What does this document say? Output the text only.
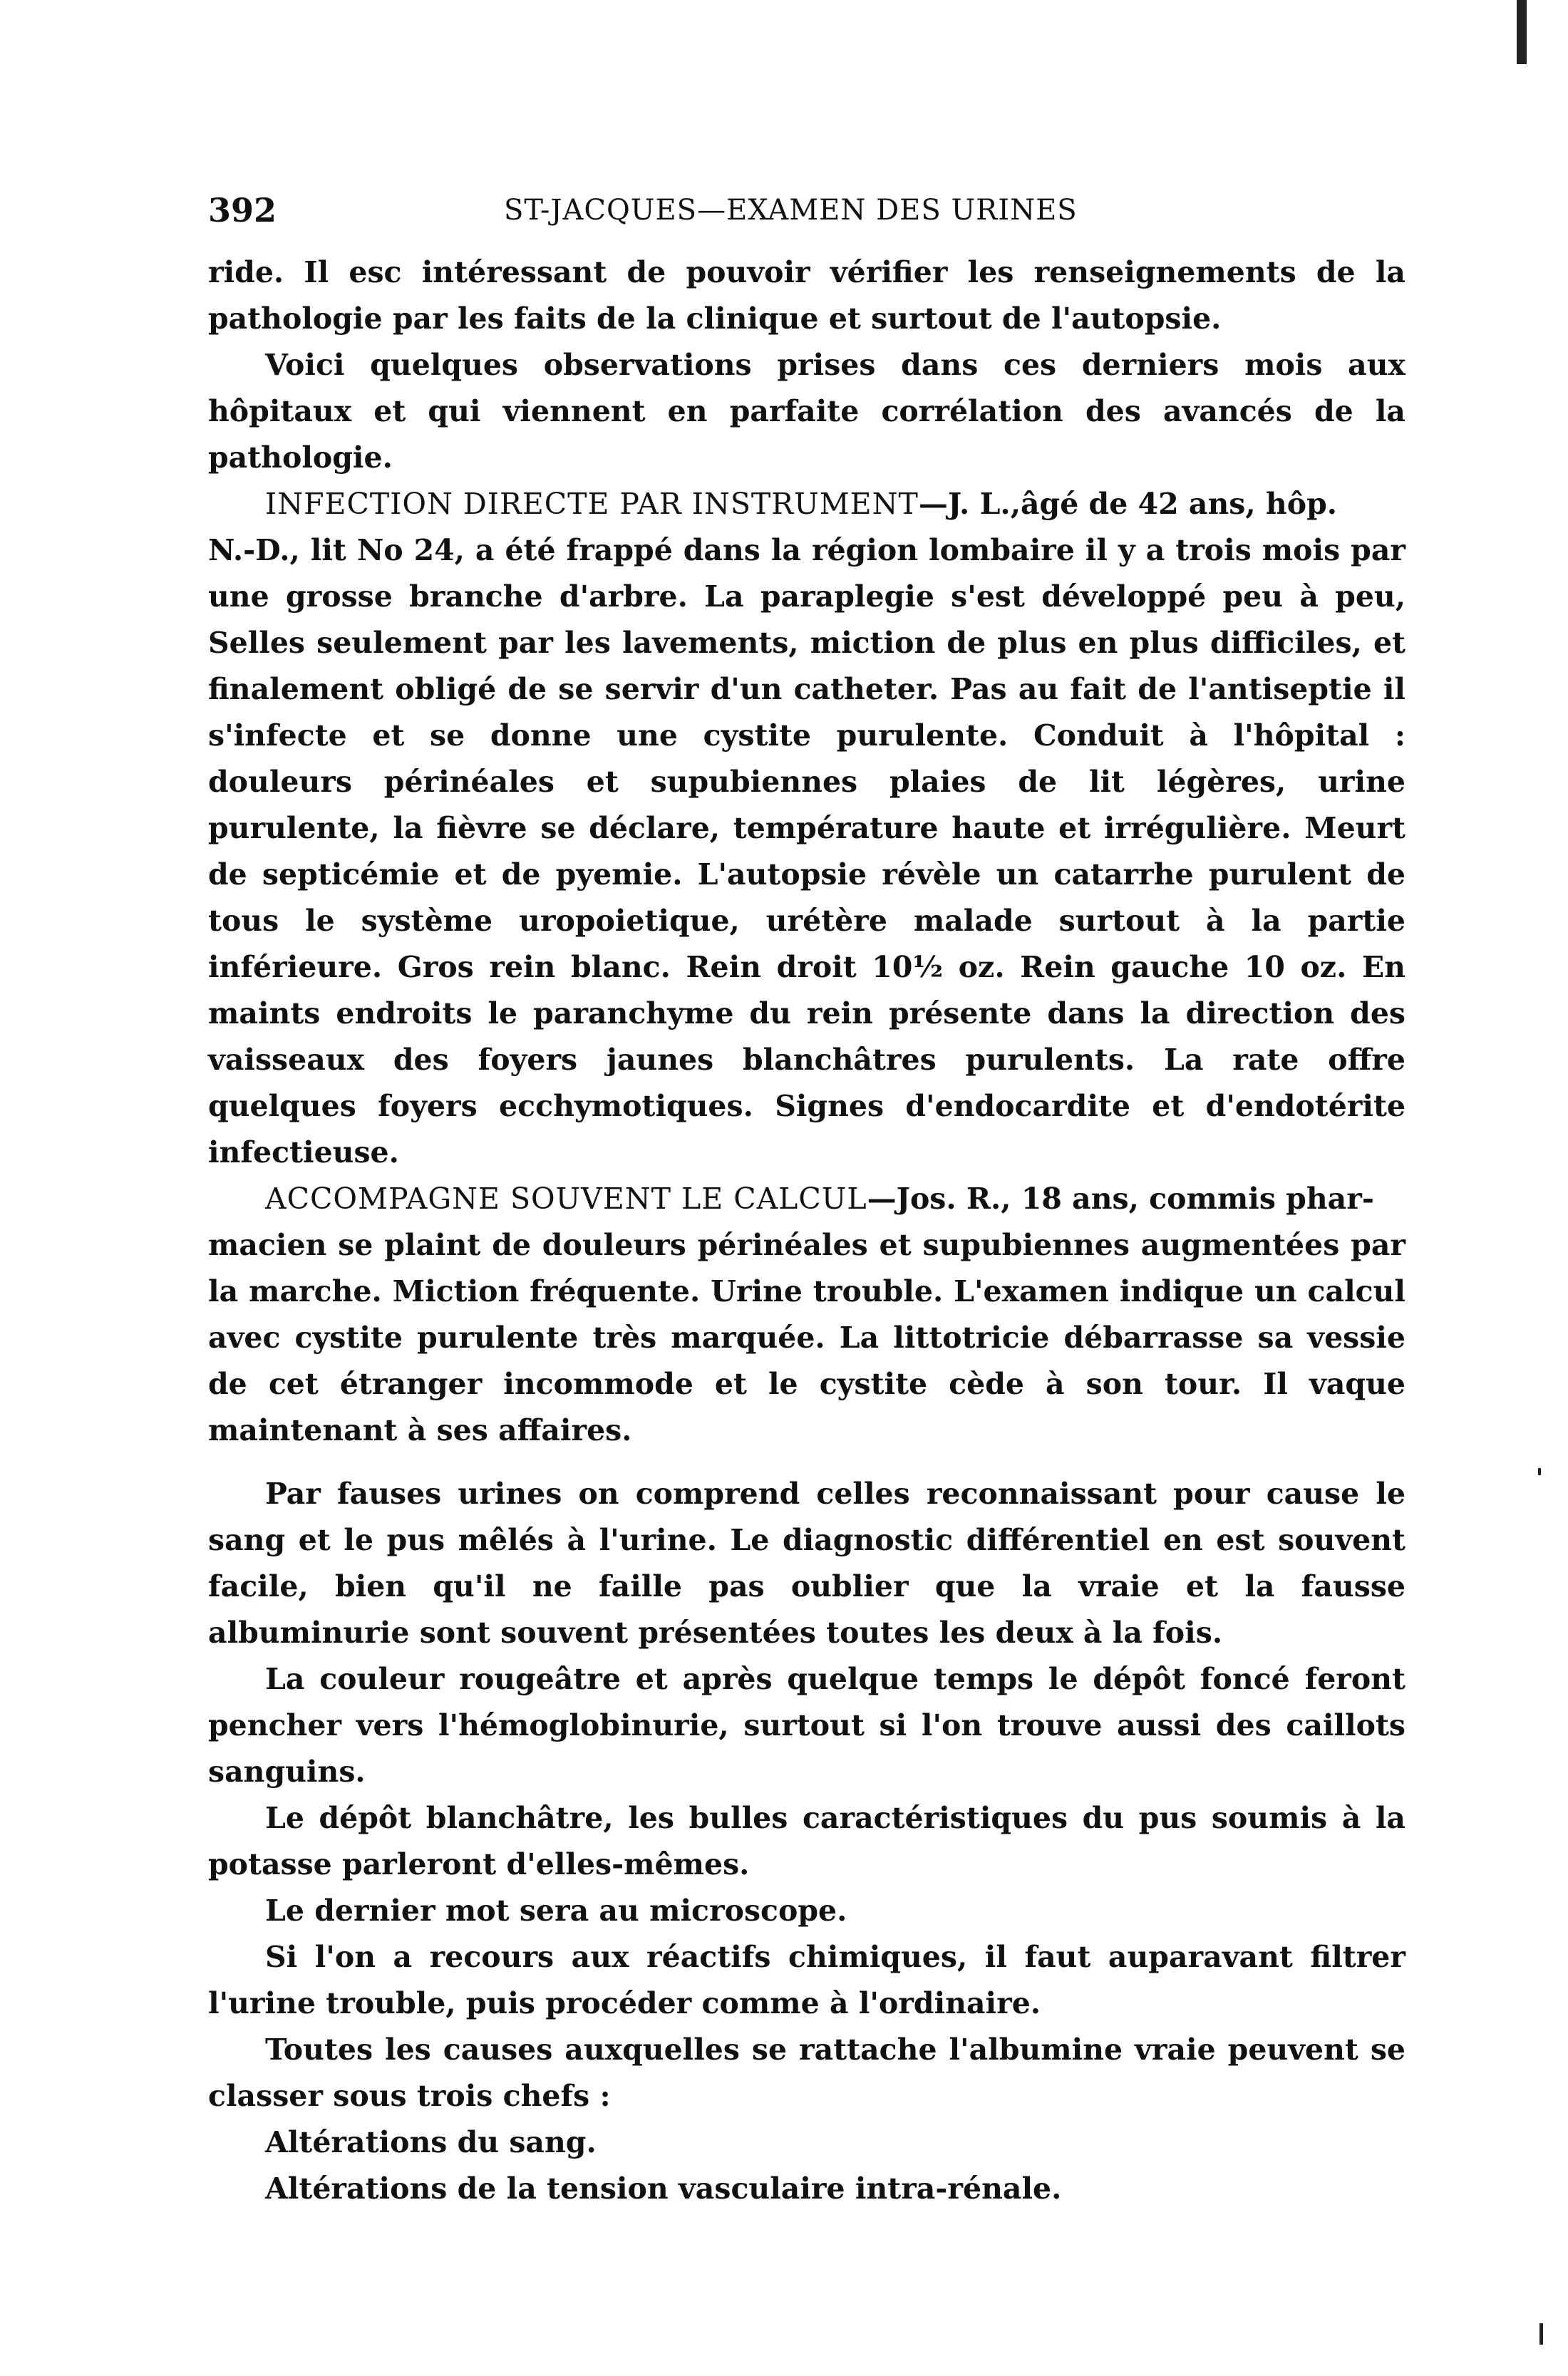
392	ST-JACQUES—EXAMEN DES URINES

ride. Il esc intéressant de pouvoir vérifier les renseignements de la pathologie par les faits de la clinique et surtout de l'autopsie.

Voici quelques observations prises dans ces derniers mois aux hôpitaux et qui viennent en parfaite corrélation des avancés de la pathologie.

INFECTION DIRECTE PAR INSTRUMENT—J. L.,âgé de 42 ans, hôp.

N.-D., lit No 24, a été frappé dans la région lombaire il y a trois mois par une grosse branche d'arbre. La paraplegie s'est développé peu à peu, Selles seulement par les lavements, miction de plus en plus difficiles, et finalement obligé de se servir d'un catheter. Pas au fait de l'antiseptie il s'infecte et se donne une cystite purulente. Conduit à l'hôpital : douleurs périnéales et supubiennes plaies de lit légères, urine purulente, la fièvre se déclare, température haute et irrégulière. Meurt de septicémie et de pyemie. L'autopsie révèle un catarrhe purulent de tous le système uropoietique, urétère malade surtout à la partie inférieure. Gros rein blanc. Rein droit 10½ oz. Rein gauche 10 oz. En maints endroits le paranchyme du rein présente dans la direction des vaisseaux des foyers jaunes blanchâtres purulents. La rate offre quelques foyers ecchymotiques. Signes d'endocardite et d'endotérite infectieuse.

ACCOMPAGNE SOUVENT LE CALCUL—Jos. R., 18 ans, commis phar-

macien se plaint de douleurs périnéales et supubiennes augmentées par la marche. Miction fréquente. Urine trouble. L'examen indique un calcul avec cystite purulente très marquée. La littotricie débarrasse sa vessie de cet étranger incommode et le cystite cède à son tour. Il vaque maintenant à ses affaires.

Par fauses urines on comprend celles reconnaissant pour cause le sang et le pus mêlés à l'urine. Le diagnostic différentiel en est souvent facile, bien qu'il ne faille pas oublier que la vraie et la fausse albuminurie sont souvent présentées toutes les deux à la fois.

La couleur rougeâtre et après quelque temps le dépôt foncé feront pencher vers l'hémoglobinurie, surtout si l'on trouve aussi des caillots sanguins.

Le dépôt blanchâtre, les bulles caractéristiques du pus soumis à la potasse parleront d'elles-mêmes.

Le dernier mot sera au microscope.

Si l'on a recours aux réactifs chimiques, il faut auparavant filtrer l'urine trouble, puis procéder comme à l'ordinaire.

Toutes les causes auxquelles se rattache l'albumine vraie peuvent se classer sous trois chefs :

Altérations du sang.

Altérations de la tension vasculaire intra-rénale.
